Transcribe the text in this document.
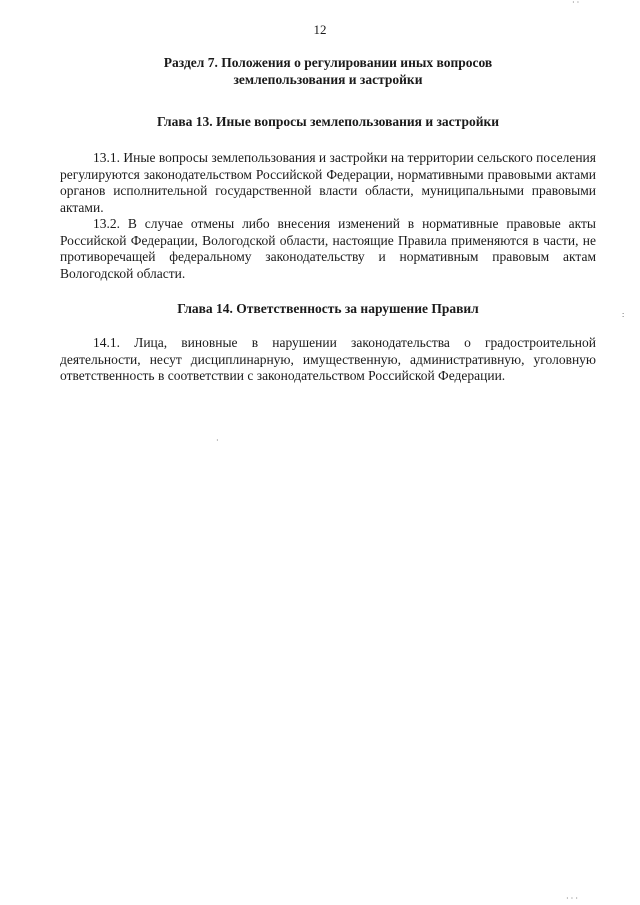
12
Раздел 7. Положения о регулировании иных вопросов
землепользования и застройки
Глава 13. Иные вопросы землепользования и застройки

13.1. Иные вопросы землепользования и застройки на территории сельского поселения регулируются законодательством Российской Федерации, нормативными правовыми актами органов исполнительной государственной власти области, муниципальными правовыми актами.

13.2. В случае отмены либо внесения изменений в нормативные правовые акты Российской Федерации, Вологодской области, настоящие Правила применяются в части, не противоречащей федеральному законодательству и нормативным правовым актам Вологодской области.

Глава 14. Ответственность за нарушение Правил

14.1. Лица, виновные в нарушении законодательства о градостроительной деятельности, несут дисциплинарную, имущественную, административную, уголовную ответственность в соответствии с законодательством Российской Федерации.

· ·
:
·
· · ·
